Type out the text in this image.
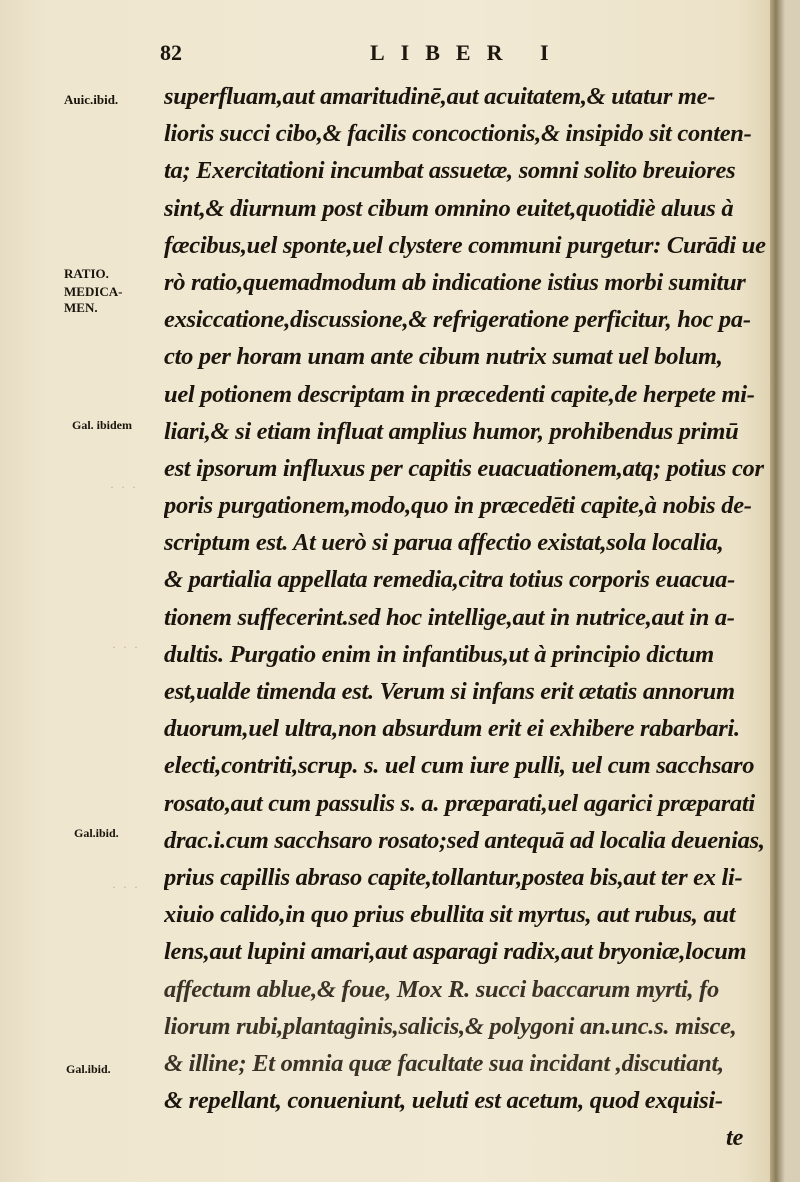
82	LIBER I
Auic.ibid.
RATIO.
MEDICA-
MEN.
Gal. ibidem
Gal.ibid.
Gal.ibid.
· · ·
· · ·
· · ·
superfluam,aut amaritudinē,aut acuitatem,& utatur me-
lioris succi cibo,& facilis concoctionis,& insipido sit conten-
ta; Exercitationi incumbat assuetæ, somni solito breuiores
sint,& diurnum post cibum omnino euitet,quotidiè aluus à
fæcibus,uel sponte,uel clystere communi purgetur: Curādi ue
rò ratio,quemadmodum ab indicatione istius morbi sumitur
exsiccatione,discussione,& refrigeratione perficitur, hoc pa-
cto per horam unam ante cibum nutrix sumat uel bolum,
uel potionem descriptam in præcedenti capite,de herpete mi-
liari,& si etiam influat amplius humor, prohibendus primū
est ipsorum influxus per capitis euacuationem,atq; potius cor
poris purgationem,modo,quo in præcedēti capite,à nobis de-
scriptum est. At uerò si parua affectio existat,sola localia,
& partialia appellata remedia,citra totius corporis euacua-
tionem suffecerint.sed hoc intellige,aut in nutrice,aut in a-
dultis. Purgatio enim in infantibus,ut à principio dictum
est,ualde timenda est. Verum si infans erit ætatis annorum
duorum,uel ultra,non absurdum erit ei exhibere rabarbari.
electi,contriti,scrup. s. uel cum iure pulli, uel cum sacchsaro
rosato,aut cum passulis s. a. præparati,uel agarici præparati
drac.i.cum sacchsaro rosato;sed antequā ad localia deuenias,
prius capillis abraso capite,tollantur,postea bis,aut ter ex li-
xiuio calido,in quo prius ebullita sit myrtus, aut rubus, aut
lens,aut lupini amari,aut asparagi radix,aut bryoniæ,locum
affectum ablue,& foue, Mox R. succi baccarum myrti, fo
liorum rubi,plantaginis,salicis,& polygoni an.unc.s. misce,
& illine; Et omnia quæ facultate sua incidant ,discutiant,
& repellant, conueniunt, ueluti est acetum, quod exquisi-
te
